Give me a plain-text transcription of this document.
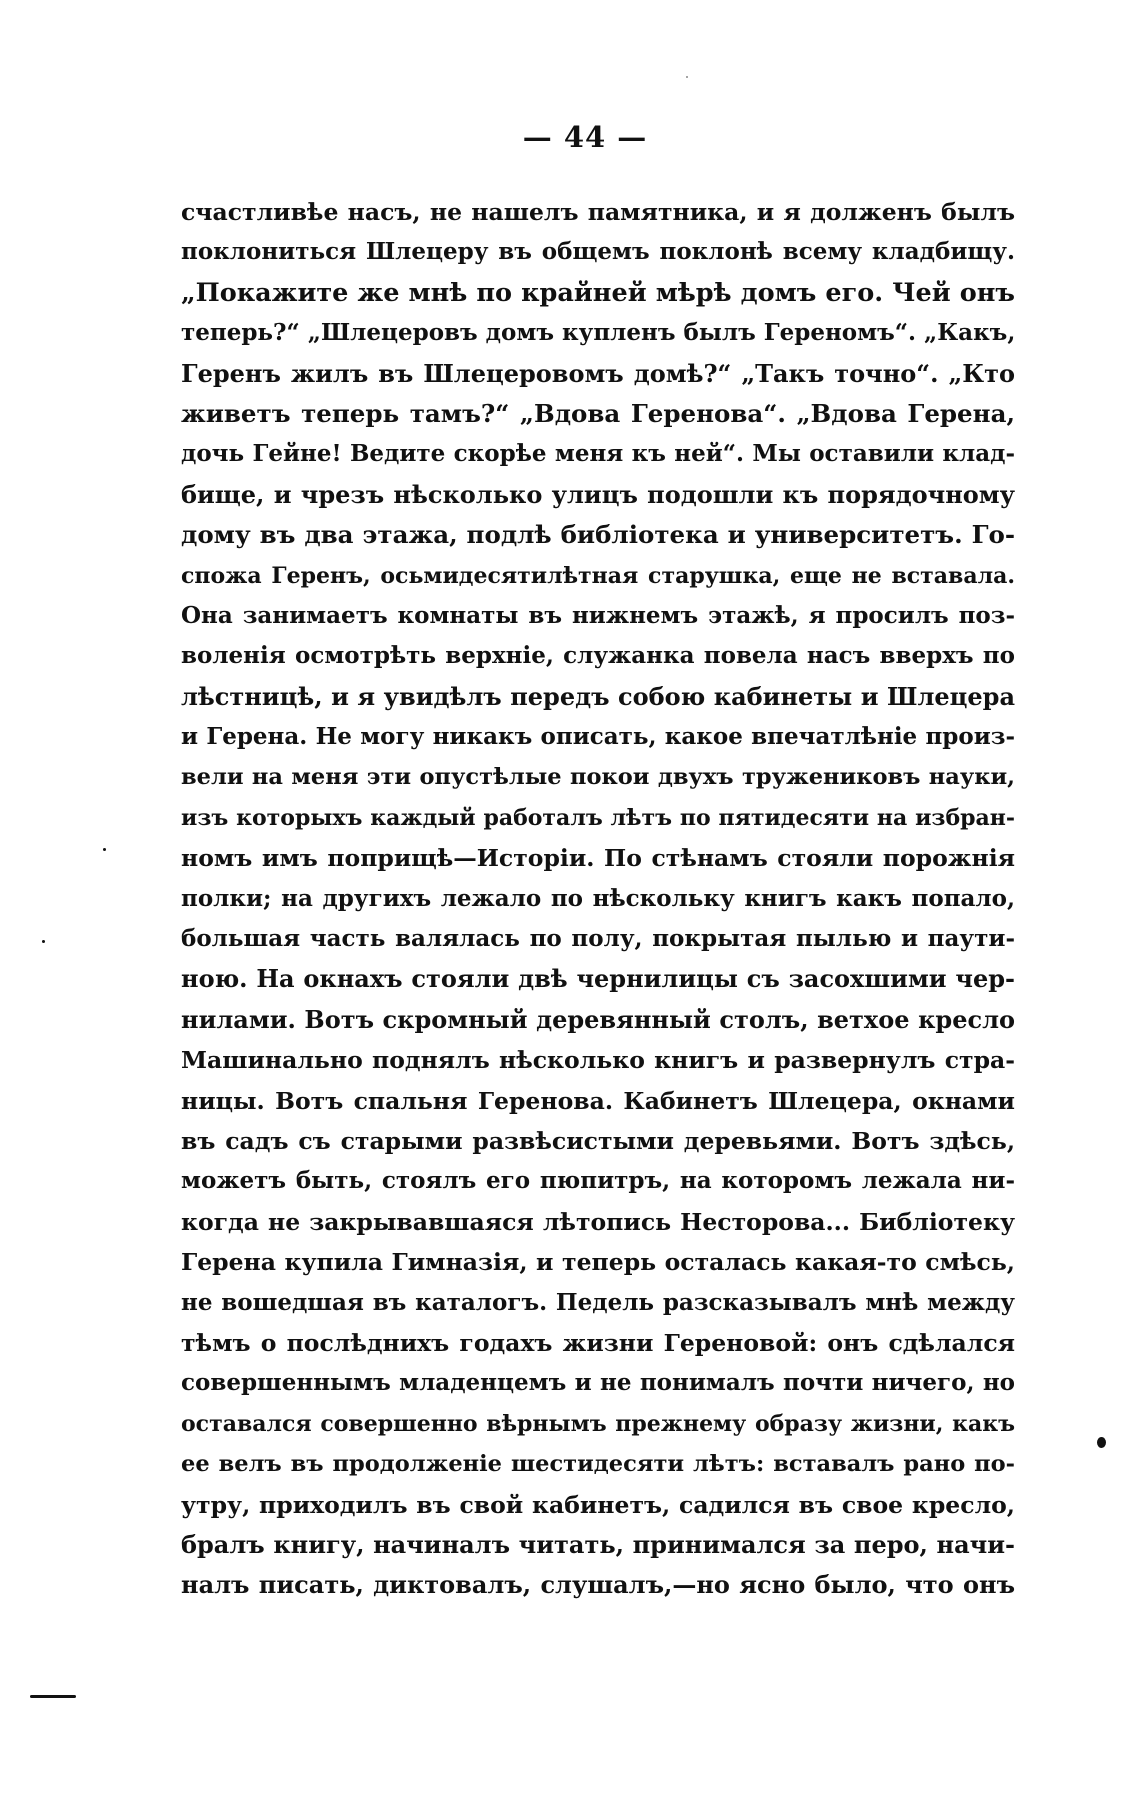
— 44 —
счастливѣе насъ, не нашелъ памятника, и я долженъ былъ
поклониться Шлецеру въ общемъ поклонѣ всему кладбищу.
„Покажите же мнѣ по крайней мѣрѣ домъ его. Чей онъ
теперь?“ „Шлецеровъ домъ купленъ былъ Гереномъ“. „Какъ,
Геренъ жилъ въ Шлецеровомъ домѣ?“ „Такъ точно“. „Кто
живетъ теперь тамъ?“ „Вдова Геренова“. „Вдова Герена,
дочь Гейне! Ведите скорѣе меня къ ней“. Мы оставили клад-
бище, и чрезъ нѣсколько улицъ подошли къ порядочному
дому въ два этажа, подлѣ библіотека и университетъ. Го-
спожа Геренъ, осьмидесятилѣтная старушка, еще не вставала.
Она занимаетъ комнаты въ нижнемъ этажѣ, я просилъ поз-
воленія осмотрѣть верхніе, служанка повела насъ вверхъ по
лѣстницѣ, и я увидѣлъ передъ собою кабинеты и Шлецера
и Герена. Не могу никакъ описать, какое впечатлѣніе произ-
вели на меня эти опустѣлые покои двухъ тружениковъ науки,
изъ которыхъ каждый работалъ лѣтъ по пятидесяти на избран-
номъ имъ поприщѣ—Исторіи. По стѣнамъ стояли порожнія
полки; на другихъ лежало по нѣскольку книгъ какъ попало,
большая часть валялась по полу, покрытая пылью и паути-
ною. На окнахъ стояли двѣ чернилицы съ засохшими чер-
нилами. Вотъ скромный деревянный столъ, ветхое кресло
Машинально поднялъ нѣсколько книгъ и развернулъ стра-
ницы. Вотъ спальня Геренова. Кабинетъ Шлецера, окнами
въ садъ съ старыми развѣсистыми деревьями. Вотъ здѣсь,
можетъ быть, стоялъ его пюпитръ, на которомъ лежала ни-
когда не закрывавшаяся лѣтопись Несторова... Библіотеку
Герена купила Гимназія, и теперь осталась какая-то смѣсь,
не вошедшая въ каталогъ. Педель разсказывалъ мнѣ между
тѣмъ о послѣднихъ годахъ жизни Гереновой: онъ сдѣлался
совершеннымъ младенцемъ и не понималъ почти ничего, но
оставался совершенно вѣрнымъ прежнему образу жизни, какъ
ее велъ въ продолженіе шестидесяти лѣтъ: вставалъ рано по-
утру, приходилъ въ свой кабинетъ, садился въ свое кресло,
бралъ книгу, начиналъ читать, принимался за перо, начи-
налъ писать, диктовалъ, слушалъ,—но ясно было, что онъ
